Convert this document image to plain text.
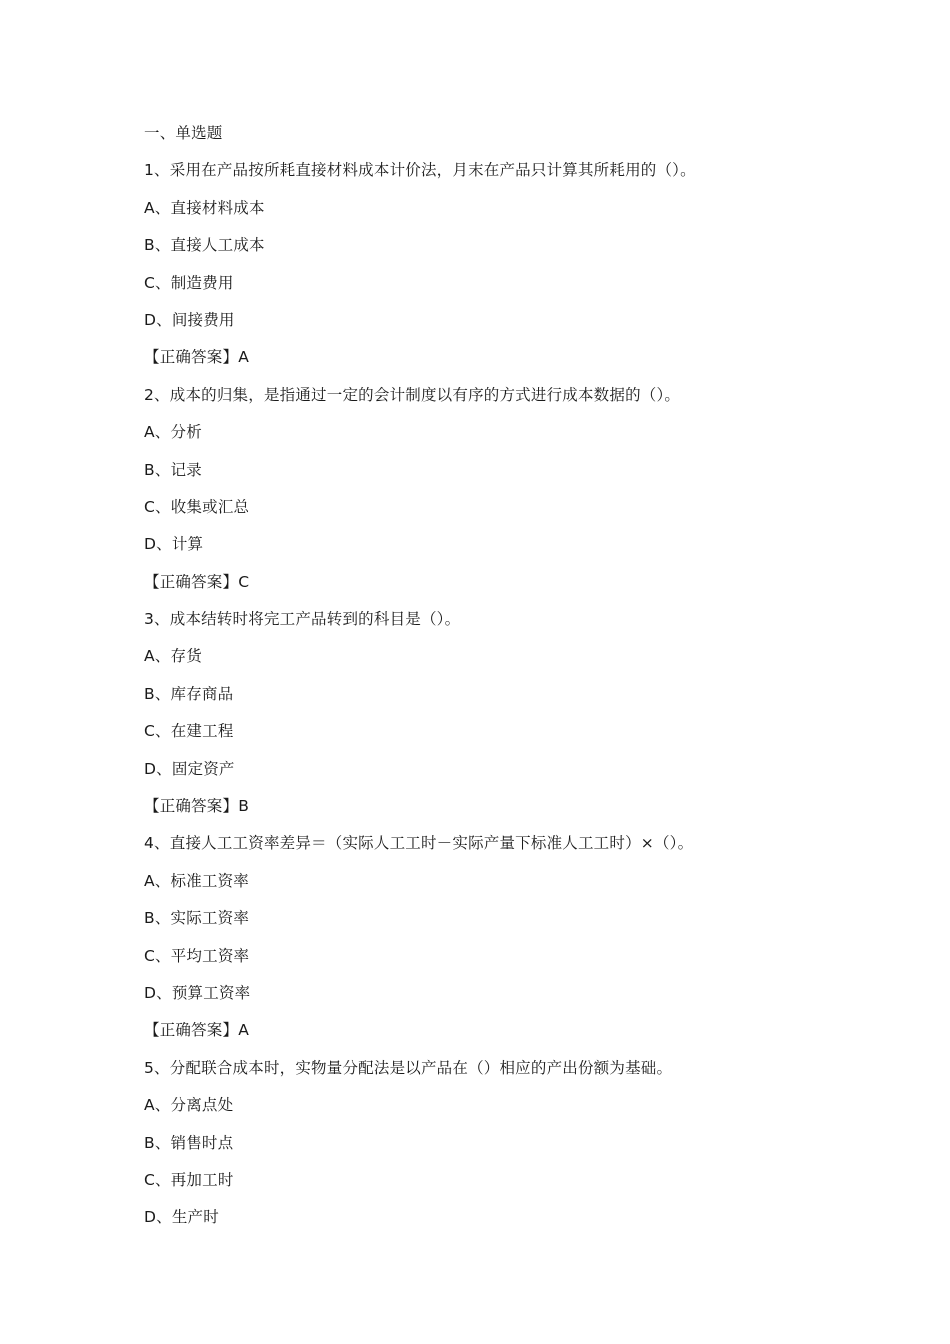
一、单选题
1、采用在产品按所耗直接材料成本计价法，月末在产品只计算其所耗用的（）。
A、直接材料成本
B、直接人工成本
C、制造费用
D、间接费用
【正确答案】A
2、成本的归集，是指通过一定的会计制度以有序的方式进行成本数据的（）。
A、分析
B、记录
C、收集或汇总
D、计算
【正确答案】C
3、成本结转时将完工产品转到的科目是（）。
A、存货
B、库存商品
C、在建工程
D、固定资产
【正确答案】B
4、直接人工工资率差异＝（实际人工工时－实际产量下标准人工工时）×（）。
A、标准工资率
B、实际工资率
C、平均工资率
D、预算工资率
【正确答案】A
5、分配联合成本时，实物量分配法是以产品在（）相应的产出份额为基础。
A、分离点处
B、销售时点
C、再加工时
D、生产时
